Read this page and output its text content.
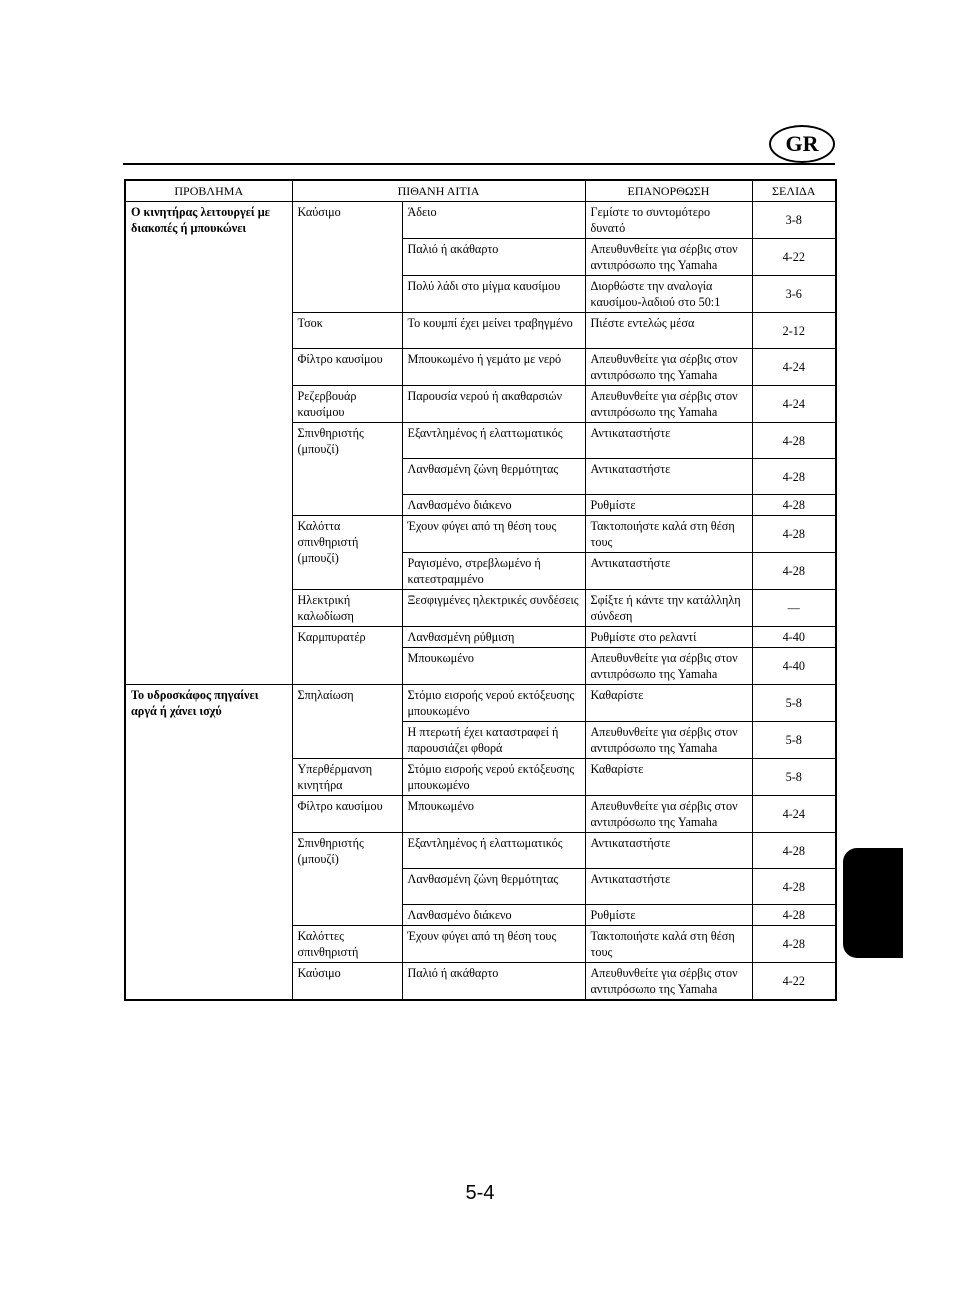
GR
ΠΡΟΒΛΗΜΑ	ΠΙΘΑΝΗ ΑΙΤΙΑ		ΕΠΑΝΟΡΘΩΣΗ	ΣΕΛΙΔΑ
Ο κινητήρας λειτουργεί με διακοπές ή μπουκώνει	Καύσιμο	Άδειο	Γεμίστε το συντομότερο δυνατό	3-8
		Παλιό ή ακάθαρτο	Απευθυνθείτε για σέρβις στον αντιπρόσωπο της Yamaha	4-22
		Πολύ λάδι στο μίγμα καυσίμου	Διορθώστε την αναλογία καυσίμου-λαδιού στο 50:1	3-6
	Τσοκ	Το κουμπί έχει μείνει τραβηγμένο	Πιέστε εντελώς μέσα	2-12
	Φίλτρο καυσίμου	Μπουκωμένο ή γεμάτο με νερό	Απευθυνθείτε για σέρβις στον αντιπρόσωπο της Yamaha	4-24
	Ρεζερβουάρ καυσίμου	Παρουσία νερού ή ακαθαρσιών	Απευθυνθείτε για σέρβις στον αντιπρόσωπο της Yamaha	4-24
	Σπινθηριστής (μπουζί)	Εξαντλημένος ή ελαττωματικός	Αντικαταστήστε	4-28
		Λανθασμένη ζώνη θερμότητας	Αντικαταστήστε	4-28
		Λανθασμένο διάκενο	Ρυθμίστε	4-28
	Καλόττα σπινθηριστή (μπουζί)	Έχουν φύγει από τη θέση τους	Τακτοποιήστε καλά στη θέση τους	4-28
		Ραγισμένο, στρεβλωμένο ή κατεστραμμένο	Αντικαταστήστε	4-28
	Ηλεκτρική καλωδίωση	Ξεσφιγμένες ηλεκτρικές συνδέσεις	Σφίξτε ή κάντε την κατάλληλη σύνδεση	—
	Καρμπυρατέρ	Λανθασμένη ρύθμιση	Ρυθμίστε στο ρελαντί	4-40
		Μπουκωμένο	Απευθυνθείτε για σέρβις στον αντιπρόσωπο της Yamaha	4-40
Το υδροσκάφος πηγαίνει αργά ή χάνει ισχύ	Σπηλαίωση	Στόμιο εισροής νερού εκτόξευσης μπουκωμένο	Καθαρίστε	5-8
		Η πτερωτή έχει καταστραφεί ή παρουσιάζει φθορά	Απευθυνθείτε για σέρβις στον αντιπρόσωπο της Yamaha	5-8
	Υπερθέρμανση κινητήρα	Στόμιο εισροής νερού εκτόξευσης μπουκωμένο	Καθαρίστε	5-8
	Φίλτρο καυσίμου	Μπουκωμένο	Απευθυνθείτε για σέρβις στον αντιπρόσωπο της Yamaha	4-24
	Σπινθηριστής (μπουζί)	Εξαντλημένος ή ελαττωματικός	Αντικαταστήστε	4-28
		Λανθασμένη ζώνη θερμότητας	Αντικαταστήστε	4-28
		Λανθασμένο διάκενο	Ρυθμίστε	4-28
	Καλόττες σπινθηριστή	Έχουν φύγει από τη θέση τους	Τακτοποιήστε καλά στη θέση τους	4-28
	Καύσιμο	Παλιό ή ακάθαρτο	Απευθυνθείτε για σέρβις στον αντιπρόσωπο της Yamaha	4-22
5-4
